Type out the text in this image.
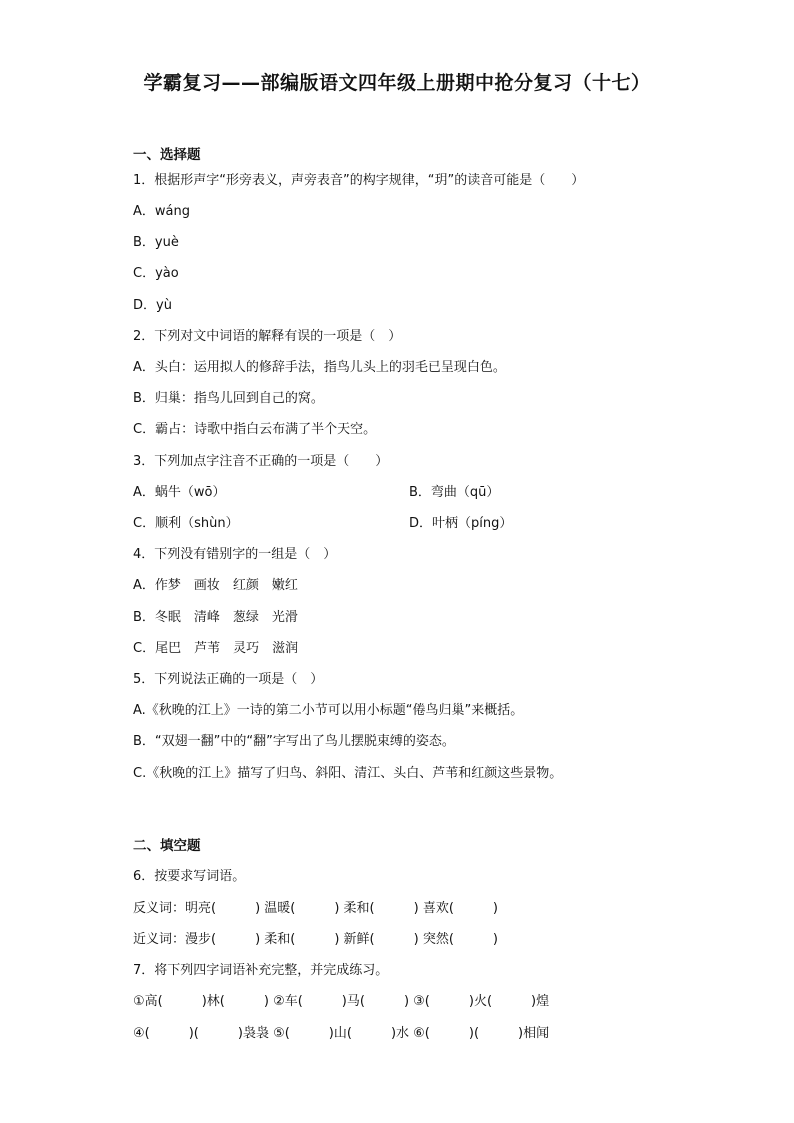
学霸复习——部编版语文四年级上册期中抢分复习（十七）
一、选择题
1．根据形声字“形旁表义，声旁表音”的构字规律，“玥”的读音可能是（　　）
A．wáng
B．yuè
C．yào
D．yù
2．下列对文中词语的解释有误的一项是（　）
A．头白：运用拟人的修辞手法，指鸟儿头上的羽毛已呈现白色。
B．归巢：指鸟儿回到自己的窝。
C．霸占：诗歌中指白云布满了半个天空。
3．下列加点字注音不正确的一项是（　　）
A．蜗牛（wō）	B．弯曲（qū）
C．顺利（shùn）	D．叶柄（píng）
4．下列没有错别字的一组是（　）
A．作梦　画妆　红颜　嫩红
B．冬眠　清峰　葱绿　光滑
C．尾巴　芦苇　灵巧　滋润
5．下列说法正确的一项是（　）
A.《秋晚的江上》一诗的第二小节可以用小标题“倦鸟归巢”来概括。
B．“双翅一翻”中的“翻”字写出了鸟儿摆脱束缚的姿态。
C.《秋晚的江上》描写了归鸟、斜阳、清江、头白、芦苇和红颜这些景物。
二、填空题
6．按要求写词语。
反义词：明亮(　　　) 温暖(　　　) 柔和(　　　) 喜欢(　　　)
近义词：漫步(　　　) 柔和(　　　) 新鲜(　　　) 突然(　　　)
7．将下列四字词语补充完整，并完成练习。
①高(　　　)林(　　　) ②车(　　　)马(　　　) ③(　　　)火(　　　)煌
④(　　　)(　　　)袅袅 ⑤(　　　)山(　　　)水 ⑥(　　　)(　　　)相闻
